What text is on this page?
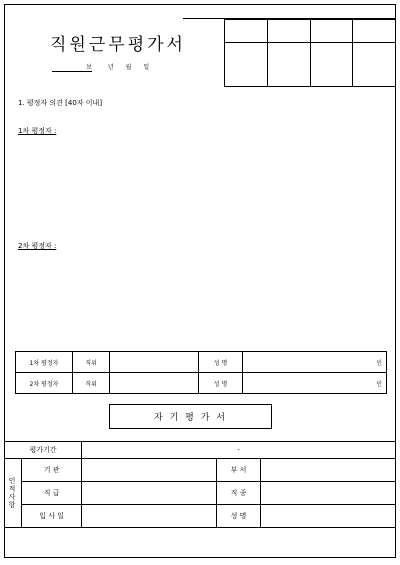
직원근무평가서
보	년 월 일

1. 평정자 의견 [40자 이내]
1차 평정자 :
2차 평정자 :
1차 평정자	직위		성 명	인
2차 평정자	직위		성 명	인
자 기 평 가 서
평가기간		-		

인적사항	기 관		부 서	
	직 급		직 종	
	입 사 일		성 명	
